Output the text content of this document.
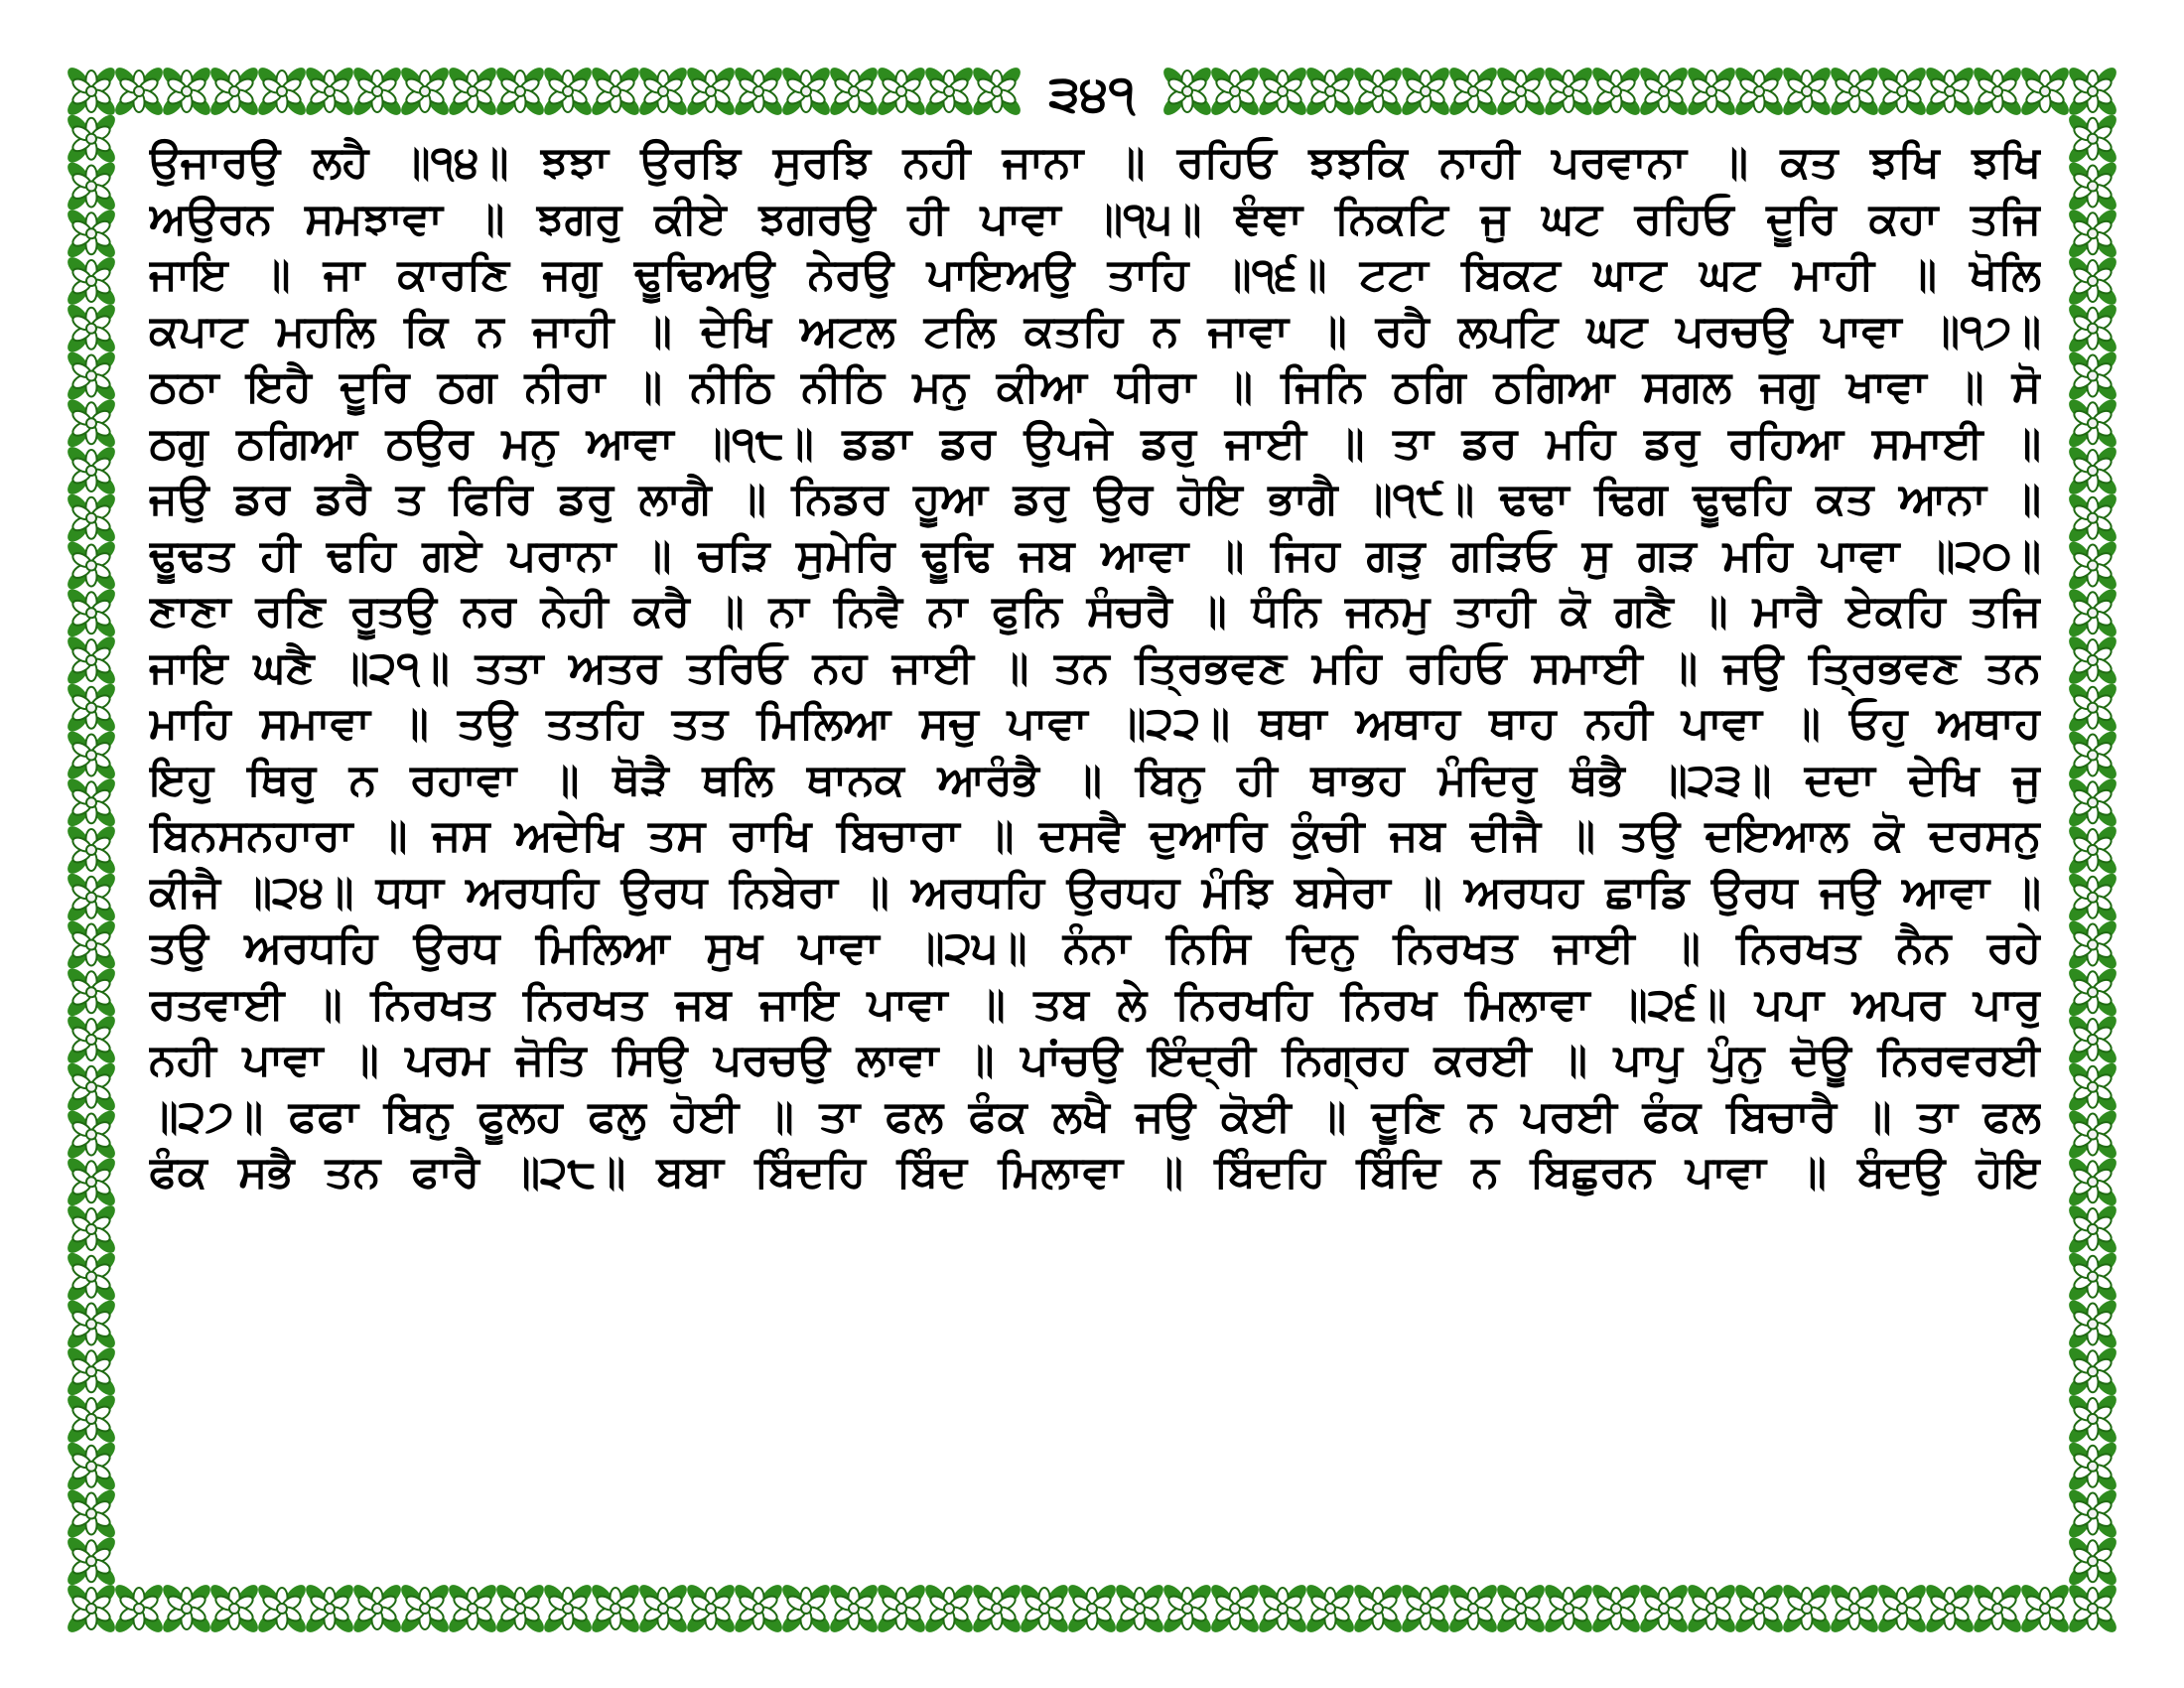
੩੪੧
ਉਜਾਰਉ ਲਹੈ ॥੧੪॥ ਝਝਾ ਉਰਝਿ ਸੁਰਝਿ ਨਹੀ ਜਾਨਾ ॥ ਰਹਿਓ ਝਝਕਿ ਨਾਹੀ ਪਰਵਾਨਾ ॥ ਕਤ ਝਖਿ ਝਖਿ
ਅਉਰਨ ਸਮਝਾਵਾ ॥ ਝਗਰੁ ਕੀਏ ਝਗਰਉ ਹੀ ਪਾਵਾ ॥੧੫॥ ਞੰਞਾ ਨਿਕਟਿ ਜੁ ਘਟ ਰਹਿਓ ਦੂਰਿ ਕਹਾ ਤਜਿ
ਜਾਇ ॥ ਜਾ ਕਾਰਣਿ ਜਗੁ ਢੂਢਿਅਉ ਨੇਰਉ ਪਾਇਅਉ ਤਾਹਿ ॥੧੬॥ ਟਟਾ ਬਿਕਟ ਘਾਟ ਘਟ ਮਾਹੀ ॥ ਖੋਲਿ
ਕਪਾਟ ਮਹਲਿ ਕਿ ਨ ਜਾਹੀ ॥ ਦੇਖਿ ਅਟਲ ਟਲਿ ਕਤਹਿ ਨ ਜਾਵਾ ॥ ਰਹੈ ਲਪਟਿ ਘਟ ਪਰਚਉ ਪਾਵਾ ॥੧੭॥
ਠਠਾ ਇਹੈ ਦੂਰਿ ਠਗ ਨੀਰਾ ॥ ਨੀਠਿ ਨੀਠਿ ਮਨੁ ਕੀਆ ਧੀਰਾ ॥ ਜਿਨਿ ਠਗਿ ਠਗਿਆ ਸਗਲ ਜਗੁ ਖਾਵਾ ॥ ਸੋ
ਠਗੁ ਠਗਿਆ ਠਉਰ ਮਨੁ ਆਵਾ ॥੧੮॥ ਡਡਾ ਡਰ ਉਪਜੇ ਡਰੁ ਜਾਈ ॥ ਤਾ ਡਰ ਮਹਿ ਡਰੁ ਰਹਿਆ ਸਮਾਈ ॥
ਜਉ ਡਰ ਡਰੈ ਤ ਫਿਰਿ ਡਰੁ ਲਾਗੈ ॥ ਨਿਡਰ ਹੂਆ ਡਰੁ ਉਰ ਹੋਇ ਭਾਗੈ ॥੧੯॥ ਢਢਾ ਢਿਗ ਢੂਢਹਿ ਕਤ ਆਨਾ ॥
ਢੂਢਤ ਹੀ ਢਹਿ ਗਏ ਪਰਾਨਾ ॥ ਚੜਿ ਸੁਮੇਰਿ ਢੂਢਿ ਜਬ ਆਵਾ ॥ ਜਿਹ ਗੜੁ ਗੜਿਓ ਸੁ ਗੜ ਮਹਿ ਪਾਵਾ ॥੨੦॥
ਣਾਣਾ ਰਣਿ ਰੂਤਉ ਨਰ ਨੇਹੀ ਕਰੈ ॥ ਨਾ ਨਿਵੈ ਨਾ ਫੁਨਿ ਸੰਚਰੈ ॥ ਧੰਨਿ ਜਨਮੁ ਤਾਹੀ ਕੋ ਗਣੈ ॥ ਮਾਰੈ ਏਕਹਿ ਤਜਿ
ਜਾਇ ਘਣੈ ॥੨੧॥ ਤਤਾ ਅਤਰ ਤਰਿਓ ਨਹ ਜਾਈ ॥ ਤਨ ਤ੍ਰਿਭਵਣ ਮਹਿ ਰਹਿਓ ਸਮਾਈ ॥ ਜਉ ਤ੍ਰਿਭਵਣ ਤਨ
ਮਾਹਿ ਸਮਾਵਾ ॥ ਤਉ ਤਤਹਿ ਤਤ ਮਿਲਿਆ ਸਚੁ ਪਾਵਾ ॥੨੨॥ ਥਥਾ ਅਥਾਹ ਥਾਹ ਨਹੀ ਪਾਵਾ ॥ ਓਹੁ ਅਥਾਹ
ਇਹੁ ਥਿਰੁ ਨ ਰਹਾਵਾ ॥ ਥੋੜੈ ਥਲਿ ਥਾਨਕ ਆਰੰਭੈ ॥ ਬਿਨੁ ਹੀ ਥਾਭਹ ਮੰਦਿਰੁ ਥੰਭੈ ॥੨੩॥ ਦਦਾ ਦੇਖਿ ਜੁ
ਬਿਨਸਨਹਾਰਾ ॥ ਜਸ ਅਦੇਖਿ ਤਸ ਰਾਖਿ ਬਿਚਾਰਾ ॥ ਦਸਵੈ ਦੁਆਰਿ ਕੁੰਚੀ ਜਬ ਦੀਜੈ ॥ ਤਉ ਦਇਆਲ ਕੋ ਦਰਸਨੁ
ਕੀਜੈ ॥੨੪॥ ਧਧਾ ਅਰਧਹਿ ਉਰਧ ਨਿਬੇਰਾ ॥ ਅਰਧਹਿ ਉਰਧਹ ਮੰਝਿ ਬਸੇਰਾ ॥ ਅਰਧਹ ਛਾਡਿ ਉਰਧ ਜਉ ਆਵਾ ॥
ਤਉ ਅਰਧਹਿ ਉਰਧ ਮਿਲਿਆ ਸੁਖ ਪਾਵਾ ॥੨੫॥ ਨੰਨਾ ਨਿਸਿ ਦਿਨੁ ਨਿਰਖਤ ਜਾਈ ॥ ਨਿਰਖਤ ਨੈਨ ਰਹੇ
ਰਤਵਾਈ ॥ ਨਿਰਖਤ ਨਿਰਖਤ ਜਬ ਜਾਇ ਪਾਵਾ ॥ ਤਬ ਲੇ ਨਿਰਖਹਿ ਨਿਰਖ ਮਿਲਾਵਾ ॥੨੬॥ ਪਪਾ ਅਪਰ ਪਾਰੁ
ਨਹੀ ਪਾਵਾ ॥ ਪਰਮ ਜੋਤਿ ਸਿਉ ਪਰਚਉ ਲਾਵਾ ॥ ਪਾਂਚਉ ਇੰਦ੍ਰੀ ਨਿਗ੍ਰਹ ਕਰਈ ॥ ਪਾਪੁ ਪੁੰਨੁ ਦੋਊ ਨਿਰਵਰਈ
॥੨੭॥ ਫਫਾ ਬਿਨੁ ਫੂਲਹ ਫਲੁ ਹੋਈ ॥ ਤਾ ਫਲ ਫੰਕ ਲਖੈ ਜਉ ਕੋਈ ॥ ਦੂਣਿ ਨ ਪਰਈ ਫੰਕ ਬਿਚਾਰੈ ॥ ਤਾ ਫਲ
ਫੰਕ ਸਭੈ ਤਨ ਫਾਰੈ ॥੨੮॥ ਬਬਾ ਬਿੰਦਹਿ ਬਿੰਦ ਮਿਲਾਵਾ ॥ ਬਿੰਦਹਿ ਬਿੰਦਿ ਨ ਬਿਛੁਰਨ ਪਾਵਾ ॥ ਬੰਦਉ ਹੋਇ
